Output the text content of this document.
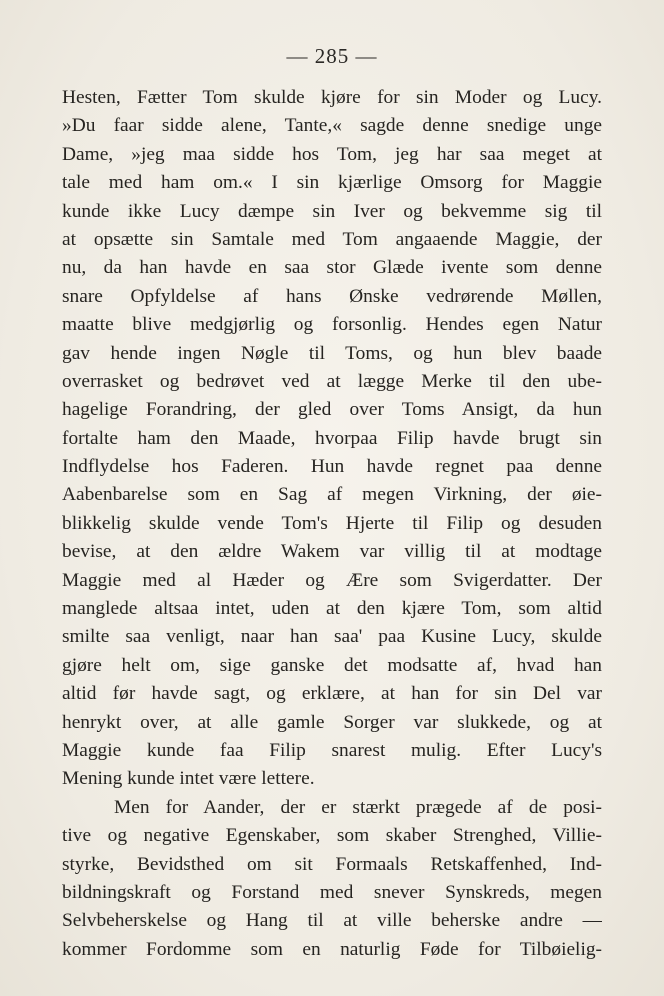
— 285 —
Hesten, Fætter Tom skulde kjøre for sin Moder og Lucy.
»Du faar sidde alene, Tante,« sagde denne snedige unge
Dame, »jeg maa sidde hos Tom, jeg har saa meget at
tale med ham om.« I sin kjærlige Omsorg for Maggie
kunde ikke Lucy dæmpe sin Iver og bekvemme sig til
at opsætte sin Samtale med Tom angaaende Maggie, der
nu, da han havde en saa stor Glæde ivente som denne
snare Opfyldelse af hans Ønske vedrørende Møllen,
maatte blive medgjørlig og forsonlig. Hendes egen Natur
gav hende ingen Nøgle til Toms, og hun blev baade
overrasket og bedrøvet ved at lægge Merke til den ube-
hagelige Forandring, der gled over Toms Ansigt, da hun
fortalte ham den Maade, hvorpaa Filip havde brugt sin
Indflydelse hos Faderen. Hun havde regnet paa denne
Aabenbarelse som en Sag af megen Virkning, der øie-
blikkelig skulde vende Tom's Hjerte til Filip og desuden
bevise, at den ældre Wakem var villig til at modtage
Maggie med al Hæder og Ære som Svigerdatter. Der
manglede altsaa intet, uden at den kjære Tom, som altid
smilte saa venligt, naar han saa' paa Kusine Lucy, skulde
gjøre helt om, sige ganske det modsatte af, hvad han
altid før havde sagt, og erklære, at han for sin Del var
henrykt over, at alle gamle Sorger var slukkede, og at
Maggie kunde faa Filip snarest mulig. Efter Lucy's
Mening kunde intet være lettere.
Men for Aander, der er stærkt prægede af de posi-
tive og negative Egenskaber, som skaber Strenghed, Villie-
styrke, Bevidsthed om sit Formaals Retskaffenhed, Ind-
bildningskraft og Forstand med snever Synskreds, megen
Selvbeherskelse og Hang til at ville beherske andre —
kommer Fordomme som en naturlig Føde for Tilbøielig-
